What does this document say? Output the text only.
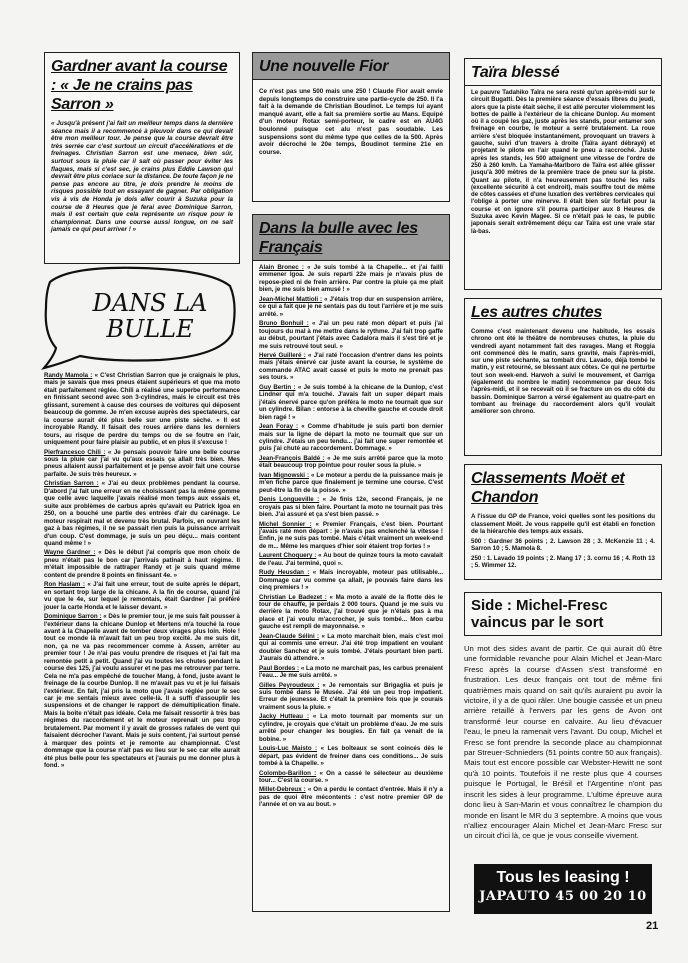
Gardner avant la course : « Je ne crains pas Sarron »
« Jusqu'à présent j'ai fait un meilleur temps dans la dernière séance mais il a recommencé à pleuvoir dans ce qui devait être mon meilleur tour. Je pense que la course devrait être très serrée car c'est surtout un circuit d'accélérations et de freinages. Christian Sarron est une menace, bien sûr, surtout sous la pluie car il sait où passer pour éviter les flaques, mais si c'est sec, je crains plus Eddie Lawson qui devrait être plus coriace sur la distance. De toute façon je ne pense pas encore au titre, je dois prendre le moins de risques possible tout en essayant de gagner. Par obligation vis à vis de Honda je dois aller courir à Suzuka pour la course de 8 Heures que je ferai avec Dominique Sarron, mais il est certain que cela représente un risque pour le championnat. Dans une course aussi longue, on ne sait jamais ce qui peut arriver ! »
DANS LA BULLE

Randy Mamola : « C'est Christian Sarron que je craignais le plus, mais je savais que mes pneus étaient supérieurs et que ma moto était parfaitement réglée. Chili a réalisé une superbe performance en finissant second avec son 3-cylindres, mais le circuit est très glissant, surement à cause des courses de voitures qui déposent beaucoup de gomme. Je m'en excuse auprès des spectateurs, car la course aurait été plus belle sur une piste sèche. » Il est incroyable Randy. Il faisait des roues arrière dans les derniers tours, au risque de perdre du temps ou de se foutre en l'air, uniquement pour faire plaisir au public, et en plus il s'excuse !

Pierfrancesco Chili : « Je pensais pouvoir faire une belle course sous la pluie car j'ai vu qu'aux essais ça allait très bien. Mes pneus allaient aussi parfaitement et je pense avoir fait une course parfaite. Je suis très heureux. »

Christian Sarron : « J'ai eu deux problèmes pendant la course. D'abord j'ai fait une erreur en ne choisissant pas la même gomme que celle avec laquelle j'avais réalisé mon temps aux essais et, suite aux problèmes de carbus après qu'avait eu Patrick Igoa en 250, on a bouché une partie des entrées d'air du carénage. Le moteur respirait mal et devenu très brutal. Parfois, en ouvrant les gaz à bas régimes, il ne se passait rien puis la puissance arrivait d'un coup. C'est dommage, je suis un peu déçu... mais content quand même ! »

Wayne Gardner : « Dès le début j'ai compris que mon choix de pneu n'était pas le bon car j'arrivais patinait à haut régime. Il m'était impossible de rattraper Randy et je suis quand même content de prendre 8 points en finissant 4e. »

Ron Haslam : « J'ai fait une erreur, tout de suite après le départ, en sortant trop large de la chicane. A la fin de course, quand j'ai vu que le 4e, sur lequel je remontais, était Gardner j'ai préféré jouer la carte Honda et le laisser devant. »

Dominique Sarron : « Dès le premier tour, je me suis fait pousser à l'extérieur dans la chicane Dunlop et Mertens m'a touché la roue avant à la Chapelle avant de tomber deux virages plus loin. Hole ! tout ce monde là m'avait fait un peu trop excité. Je me suis dit, non, ça ne va pas recommencer comme à Assen, arrêter au premier tour ! Je n'ai pas voulu prendre de risques et j'ai fait ma remontée petit à petit. Quand j'ai vu toutes les chutes pendant la course des 125, j'ai voulu assurer et ne pas me retrouver par terre. Cela ne m'a pas empêché de toucher Mang, à fond, juste avant le freinage de la courbe Dunlop. Il ne m'avait pas vu et je lui faisais l'extérieur. En fait, j'ai pris la moto que j'avais réglée pour le sec car je me sentais mieux avec celle-là. Il a suffi d'assouplir les suspensions et de changer le rapport de démultiplication finale. Mais la boîte n'était pas idéale. Cela me faisait ressortir à très bas régimes du raccordement et le moteur reprenait un peu trop brutalement. Par moment il y avait de grosses rafales de vent qui faisaient décrocher l'avant. Mais je suis content, j'ai surtout pensé à marquer des points et je remonte au championnat. C'est dommage que la course n'ait pas eu lieu sur le sec car elle aurait été plus belle pour les spectateurs et j'aurais pu me donner plus à fond. »

Une nouvelle Fior
Ce n'est pas une 500 mais une 250 ! Claude Fior avait envie depuis longtemps de construire une partie-cycle de 250. Il l'a fait à la demande de Christian Boudinot. Le temps lui ayant manqué avant, elle a fait sa première sortie au Mans. Equipé d'un moteur Rotax semi-porteur, le cadre est en AU4G boulonné puisque cet alu n'est pas soudable. Les suspensions sont du même type que celles de la 500. Après avoir décroché le 20e temps, Boudinot termine 21e en course.
Dans la bulle avec les Français

Alain Bronec : « Je suis tombé à la Chapelle... et j'ai failli emmener Igoa. Je suis reparti 22e mais je n'avais plus de repose-pied ni de frein arrière. Par contre la pluie ça me plait bien, je me suis bien amusé ! »

Jean-Michel Mattioli : « J'étais trop dur en suspension arrière, ce qui a fait que je ne sentais pas du tout l'arrière et je me suis arrêté. »

Bruno Bonhuil : « J'ai un peu raté mon départ et puis j'ai toujours du mal à me mettre dans le rythme. J'ai fait trop gaffe au début, pourtant j'étais avec Cadalora mais il s'est tiré et je me suis retrouvé tout seul. »

Hervé Guilleré : « J'ai raté l'occasion d'entrer dans les points mais j'étais énervé car juste avant la course, le système de commande ATAC avait cassé et puis le moto ne prenait pas ses tours. »

Guy Bertin : « Je suis tombé à la chicane de la Dunlop, c'est Lindner qui m'a touché. J'avais fait un super départ mais j'étais énervé parce qu'on préféra le moto ne tournait que sur un cylindre. Bilan : entorse à la cheville gauche et coude droit bien ragé ! »

Jean Foray : « Comme d'habitude je suis parti bon dernier mais sur la ligne de départ la moto ne tournait que sur un cylindre. J'étais un peu tendu... j'ai fait une super remontée et puis j'ai chuté au raccordement. Dommage. »

Jean-François Baldé : « Je me suis arrêté parce que la moto était beaucoup trop pointue pour rouler sous la pluie. »

Ivan Mignowski : « Le moteur a perdu de la puissance mais je m'en fiche parce que finalement je termine une course. C'est peut-être la fin de la poisse. »

Denis Longueville : « Je finis 12e, second Français, je ne croyais pas si bien faire. Pourtant la moto ne tournait pas très bien. J'ai assuré et ça s'est bien passé. »

Michel Sonnier : « Premier Français, c'est bien. Pourtant j'avais raté mon départ : je n'avais pas enclenché la vitesse ! Enfin, je ne suis pas tombé. Mais c'était vraiment un week-end de m... Même les marques d'hier soir étaient trop fortes ! »

Laurent Choquery : « Au bout de quinze tours la moto cavalait de l'eau. J'ai terminé, quoi ».

Rudy Heusdan : « Mais incroyable, moteur pas utilisable... Dommage car vu comme ça allait, je pouvais faire dans les cinq premiers ! »

Christian Le Badezet : « Ma moto a avalé de la flotte dès le tour de chauffe, je perdais 2 000 tours. Quand je me suis vu derrière la moto Rotax, j'ai trouvé que je n'étais pas à ma place et j'ai voulu m'accrocher, je suis tombé... Mon carbu gauche est rempli de mayonnaise. »

Jean-Claude Sélini : « La moto marchait bien, mais c'est moi qui ai commis une erreur. J'ai été trop impatient en voulant doubler Sanchez et je suis tombé. J'étais pourtant bien parti. J'aurais dû attendre. »

Paul Bordes : « La moto ne marchait pas, les carbus prenaient l'eau... Je me suis arrêté. »

Gilles Peyroudeux : « Je remontais sur Brigaglia et puis je suis tombé dans le Musée. J'ai été un peu trop impatient. Erreur de jeunesse. Et c'était la première fois que je courais vraiment sous la pluie. »

Jacky Hutteau : « La moto tournait par moments sur un cylindre, je croyais que c'était un problème d'eau. Je me suis arrêté pour changer les bougies. En fait ça venait de la bobine. »

Louis-Luc Maisto : « Les boîteaux se sont coincés dès le départ, pas évident de freiner dans ces conditions... Je suis tombé à la Chapelle. »

Colombo-Barillon : « On a cassé le sélecteur au deuxième tour... C'est la course. »

Millet-Debreux : « On a perdu le contact d'entrée. Mais il n'y a pas de quoi être mécontents : c'est notre premier GP de l'année et on va au bout. »

Taïra blessé
Le pauvre Tadahiko Taïra ne sera resté qu'un après-midi sur le circuit Bugatti. Dès la première séance d'essais libres du jeudi, alors que la piste était sèche, il est allé percuter violemment les bottes de paille à l'extérieur de la chicane Dunlop. Au moment où il a coupé les gaz, juste après les stands, pour entamer son freinage en courbe, le moteur a serré brutalement. La roue arrière s'est bloquée instantanément, provoquant un travers à gauche, suivi d'un travers à droite (Taïra ayant débrayé) et projetant le pilote en l'air quand le pneu a raccroché. Juste après les stands, les 500 atteignent une vitesse de l'ordre de 250 à 260 km/h. La Yamaha-Marlboro de Taïra est allée glisser jusqu'à 300 mètres de la première trace de pneu sur la piste. Quant au pilote, il n'a heureusement pas touché les rails (excellente sécurité à cet endroit), mais souffre tout de même de côtes cassées et d'une luxation des vertèbres cervicales qui l'oblige à porter une minerve. Il était bien sûr forfait pour la course et on ignore s'il pourra participer aux 8 Heures de Suzuka avec Kevin Magee. Si ce n'était pas le cas, le public japonais serait extrêmement déçu car Taïra est une vraie star là-bas.
Les autres chutes
Comme c'est maintenant devenu une habitude, les essais chrono ont été le théâtre de nombreuses chutes, la pluie du vendredi ayant notamment fait des ravages. Mang et Roggia ont commencé dès le matin, sans gravité, mais l'après-midi, sur une piste séchante, sa tombait dru. Lavado, déjà tombé le matin, y est retourné, se blessant aux côtes. Ce qui ne perturbe tout son week-end. Harwoh a suivi le mouvement, et Garriga (également du nombre le matin) recommence par deux fois l'après-midi, et il se recevait où il se fracture un os du côté du bassin. Dominique Sarron a vérsé également au quatre-part en tombant au freinage du raccordement alors qu'il voulait améliorer son chrono.
Classements Moët et Chandon

A l'issue du GP de France, voici quelles sont les positions du classement Moët. Je vous rappelle qu'il est établi en fonction de la hiérarchie des temps aux essais.

500 : Gardner 36 points ; 2. Lawson 28 ; 3. McKenzie 11 ; 4. Sarron 10 ; 5. Mamola 8.

250 : 1. Lavado 19 points ; 2. Mang 17 ; 3. cornu 16 ; 4. Roth 13 ; 5. Wimmer 12.

Side : Michel-Fresc vaincus par le sort
Un mot des sides avant de partir. Ce qui aurait dû être une formidable revanche pour Alain Michel et Jean-Marc Fresc après la course d'Assen s'est transformé en frustration. Les deux français ont tout de même fini quatrièmes mais quand on sait qu'ils auraient pu avoir la victoire, il y a de quoi râler. Une bougie cassée et un pneu arrière retaillé à l'envers par les gens de Avon ont transformé leur course en calvaire. Au lieu d'évacuer l'eau, le pneu la ramenait vers l'avant. Du coup, Michel et Fresc se font prendre la seconde place au championnat par Streuer-Schnieders (51 points contre 50 aux français). Mais tout est encore possible car Webster-Hewitt ne sont qu'à 10 points. Toutefois il ne reste plus que 4 courses puisque le Portugal, le Brésil et l'Argentine n'ont pas inscrit les sides à leur programme. L'ultime épreuve aura donc lieu à San-Marin et vous connaîtrez le champion du monde en lisant le MR du 3 septembre. A moins que vous n'alliez encourager Alain Michel et Jean-Marc Fresc sur un circuit d'ici là, ce que je vous conseille vivement.
Tous les leasing !
JAPAUTO 45 00 20 10
21
